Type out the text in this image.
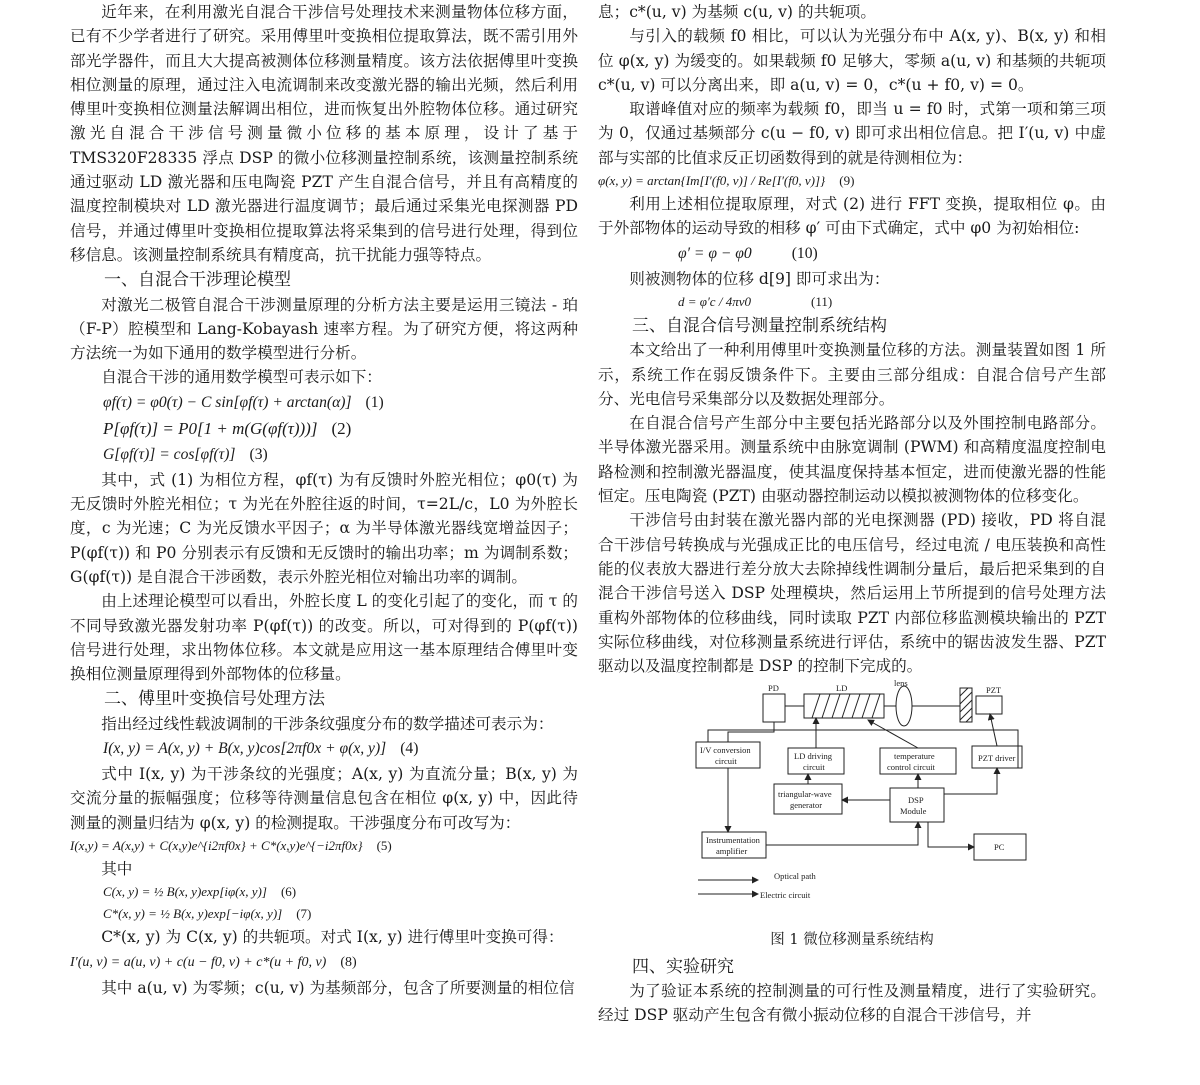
近年来，在利用激光自混合干涉信号处理技术来测量物体位移方面，已有不少学者进行了研究。采用傅里叶变换相位提取算法，既不需引用外部光学器件，而且大大提高被测体位移测量精度。该方法依据傅里叶变换相位测量的原理，通过注入电流调制来改变激光器的输出光频，然后利用傅里叶变换相位测量法解调出相位，进而恢复出外腔物体位移。通过研究激光自混合干涉信号测量微小位移的基本原理，设计了基于 TMS320F28335 浮点 DSP 的微小位移测量控制系统，该测量控制系统通过驱动 LD 激光器和压电陶瓷 PZT 产生自混合信号，并且有高精度的温度控制模块对 LD 激光器进行温度调节；最后通过采集光电探测器 PD 信号，并通过傅里叶变换相位提取算法将采集到的信号进行处理，得到位移信息。该测量控制系统具有精度高，抗干扰能力强等特点。

一、自混合干涉理论模型

对激光二极管自混合干涉测量原理的分析方法主要是运用三镜法 - 珀（F-P）腔模型和 Lang-Kobayash 速率方程。为了研究方便，将这两种方法统一为如下通用的数学模型进行分析。

自混合干涉的通用数学模型可表示如下：

φf(τ) = φ0(τ) − C sin[φf(τ) + arctan(α)] (1)
P[φf(τ)] = P0[1 + m(G(φf(τ)))] (2)
G[φf(τ)] = cos[φf(τ)] (3)

其中，式 (1) 为相位方程，φf(τ) 为有反馈时外腔光相位；φ0(τ) 为无反馈时外腔光相位；τ 为光在外腔往返的时间，τ=2L/c，L0 为外腔长度，c 为光速；C 为光反馈水平因子；α 为半导体激光器线宽增益因子；P(φf(τ)) 和 P0 分别表示有反馈和无反馈时的输出功率；m 为调制系数；G(φf(τ)) 是自混合干涉函数，表示外腔光相位对输出功率的调制。

由上述理论模型可以看出，外腔长度 L 的变化引起了的变化，而 τ 的不同导致激光器发射功率 P(φf(τ)) 的改变。所以，可对得到的 P(φf(τ)) 信号进行处理，求出物体位移。本文就是应用这一基本原理结合傅里叶变换相位测量原理得到外部物体的位移量。

二、傅里叶变换信号处理方法

指出经过线性载波调制的干涉条纹强度分布的数学描述可表示为：

I(x, y) = A(x, y) + B(x, y)cos[2πf0x + φ(x, y)] (4)

式中 I(x, y) 为干涉条纹的光强度；A(x, y) 为直流分量；B(x, y) 为交流分量的振幅强度；位移等待测量信息包含在相位 φ(x, y) 中，因此待测量的测量归结为 φ(x, y) 的检测提取。干涉强度分布可改写为：

I(x,y) = A(x,y) + C(x,y)e^{i2πf0x} + C*(x,y)e^{−i2πf0x} (5)

其中

C(x, y) = ½ B(x, y)exp[iφ(x, y)] (6)
C*(x, y) = ½ B(x, y)exp[−iφ(x, y)] (7)

C*(x, y) 为 C(x, y) 的共轭项。对式 I(x, y) 进行傅里叶变换可得：

I′(u, v) = a(u, v) + c(u − f0, v) + c*(u + f0, v) (8)

其中 a(u, v) 为零频；c(u, v) 为基频部分，包含了所要测量的相位信

息；c*(u, v) 为基频 c(u, v) 的共轭项。

与引入的载频 f0 相比，可以认为光强分布中 A(x, y)、B(x, y) 和相位 φ(x, y) 为缓变的。如果载频 f0 足够大，零频 a(u, v) 和基频的共轭项 c*(u, v) 可以分离出来，即 a(u, v) = 0，c*(u + f0, v) = 0。

取谱峰值对应的频率为载频 f0，即当 u = f0 时，式第一项和第三项为 0，仅通过基频部分 c(u − f0, v) 即可求出相位信息。把 I′(u, v) 中虚部与实部的比值求反正切函数得到的就是待测相位为：

φ(x, y) = arctan{Im[I′(f0, v)] / Re[I′(f0, v)]} (9)

利用上述相位提取原理，对式 (2) 进行 FFT 变换，提取相位 φ。由于外部物体的运动导致的相移 φ′ 可由下式确定，式中 φ0 为初始相位:

φ′ = φ − φ0	(10)

则被测物体的位移 d[9] 即可求出为：

d = φ′c / 4πv0	(11)

三、自混合信号测量控制系统结构

本文给出了一种利用傅里叶变换测量位移的方法。测量装置如图 1 所示，系统工作在弱反馈条件下。主要由三部分组成：自混合信号产生部分、光电信号采集部分以及数据处理部分。

在自混合信号产生部分中主要包括光路部分以及外围控制电路部分。半导体激光器采用。测量系统中由脉宽调制 (PWM) 和高精度温度控制电路检测和控制激光器温度，使其温度保持基本恒定，进而使激光器的性能恒定。压电陶瓷 (PZT) 由驱动器控制运动以模拟被测物体的位移变化。

干涉信号由封装在激光器内部的光电探测器 (PD) 接收，PD 将自混合干涉信号转换成与光强成正比的电压信号，经过电流 / 电压装换和高性能的仪表放大器进行差分放大去除掉线性调制分量后，最后把采集到的自混合干涉信号送入 DSP 处理模块，然后运用上节所提到的信号处理方法重构外部物体的位移曲线，同时读取 PZT 内部位移监测模块输出的 PZT 实际位移曲线，对位移测量系统进行评估，系统中的锯齿波发生器、PZT 驱动以及温度控制都是 DSP 的控制下完成的。

PD	LD	lens
PZT
I/V conversion
circuit	LD driving
circuit
temperature
control circuit
PZT driver
triangular-wave
generator	DSP
Module
Instrumentation
amplifier	PC
Optical path
Electric circuit

图 1 微位移测量系统结构

四、实验研究

为了验证本系统的控制测量的可行性及测量精度，进行了实验研究。经过 DSP 驱动产生包含有微小振动位移的自混合干涉信号，并
